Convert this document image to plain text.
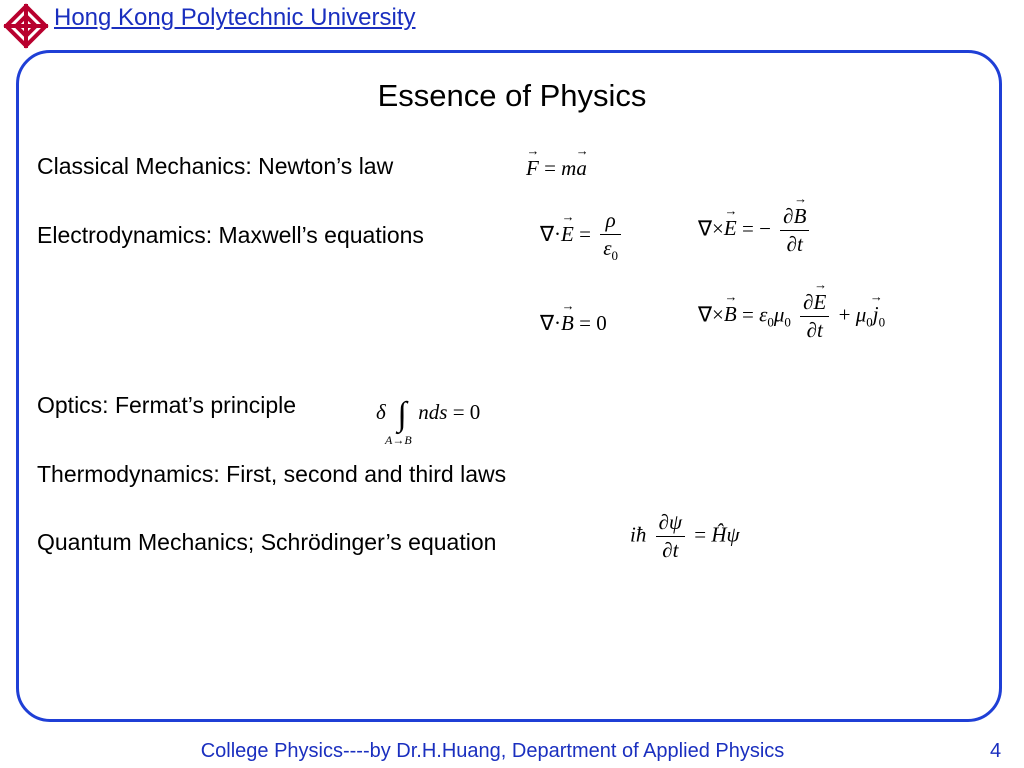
Hong Kong Polytechnic University
Essence of Physics
Classical Mechanics: Newton’s law
Electrodynamics: Maxwell’s equations
Optics: Fermat’s principle
Thermodynamics: First, second and third laws
Quantum Mechanics; Schrödinger’s equation
→ F = m→ a
∇·→ $E = \frac{\rho}{\varepsilon_0}$	∇×→ E = − $\frac{\partial\to B}{\partial t}$
∇·→ B = 0	∇×→ $B = \varepsilon_0\mu_0 \frac{\partial\to E}{\partial t} + \mu_0\to j_0$
δ ∫
A→B
nds = 0
iħ $\frac{\partial\psi}{\partial t}$ = Ĥψ
College Physics----by Dr.H.Huang, Department of Applied Physics	4
